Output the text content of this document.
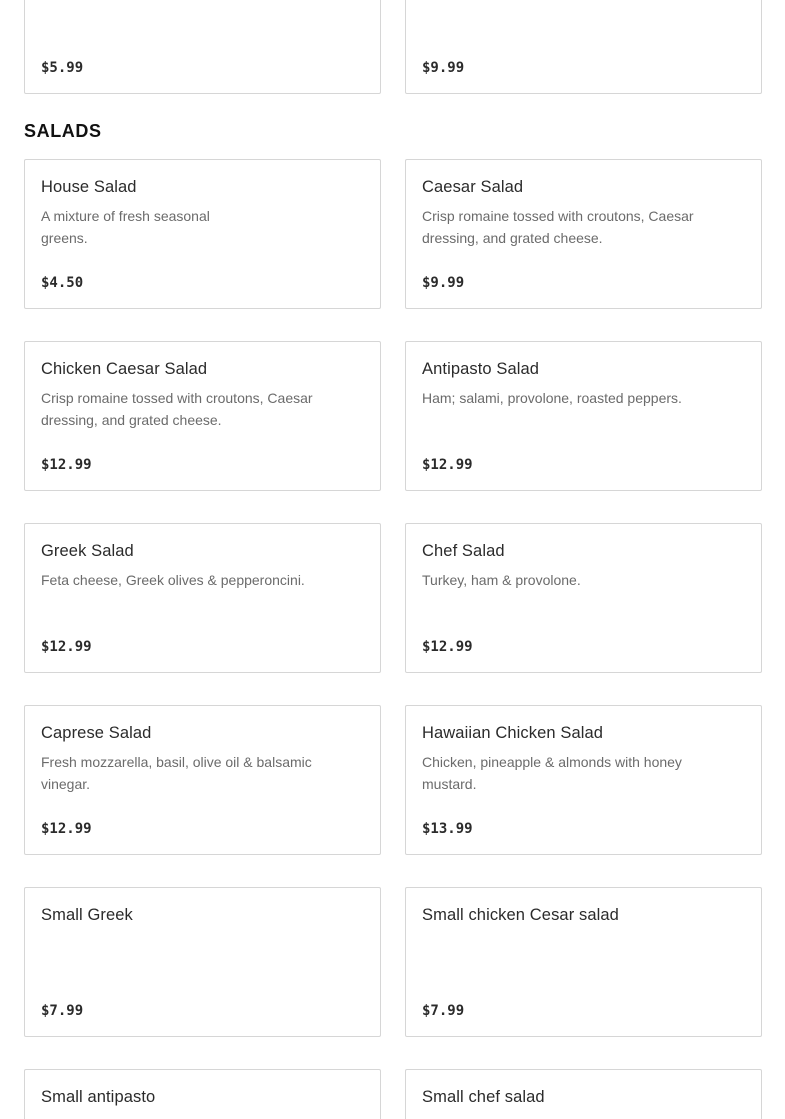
$5.99	$9.99
SALADS
House Salad
A mixture of fresh seasonal greens.
$4.50
Caesar Salad
Crisp romaine tossed with croutons, Caesar dressing, and grated cheese.
$9.99
Chicken Caesar Salad
Crisp romaine tossed with croutons, Caesar dressing, and grated cheese.
$12.99
Antipasto Salad
Ham; salami, provolone, roasted peppers.
$12.99
Greek Salad
Feta cheese, Greek olives & pepperoncini.
$12.99
Chef Salad
Turkey, ham & provolone.
$12.99
Caprese Salad
Fresh mozzarella, basil, olive oil & balsamic vinegar.
$12.99
Hawaiian Chicken Salad
Chicken, pineapple & almonds with honey mustard.
$13.99
Small Greek
$7.99
Small chicken Cesar salad
$7.99
Small antipasto	Small chef salad
